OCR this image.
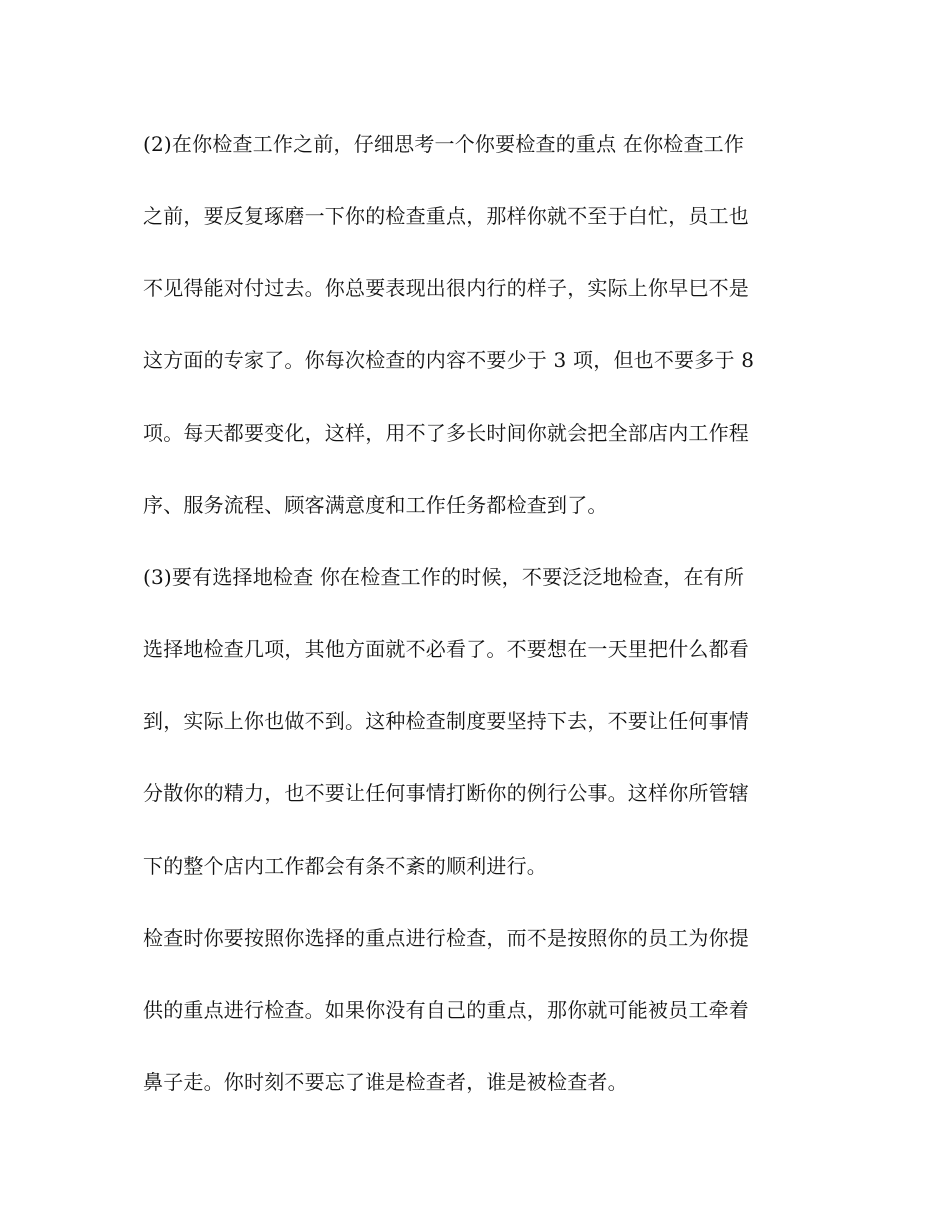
(2)在你检查工作之前，仔细思考一个你要检查的重点 在你检查工作
之前，要反复琢磨一下你的检查重点，那样你就不至于白忙，员工也
不见得能对付过去。你总要表现出很内行的样子，实际上你早巳不是
这方面的专家了。你每次检查的内容不要少于 3 项，但也不要多于 8
项。每天都要变化，这样，用不了多长时间你就会把全部店内工作程
序、服务流程、顾客满意度和工作任务都检查到了。
(3)要有选择地检查 你在检查工作的时候，不要泛泛地检查，在有所
选择地检查几项，其他方面就不必看了。不要想在一天里把什么都看
到，实际上你也做不到。这种检查制度要坚持下去，不要让任何事情
分散你的精力，也不要让任何事情打断你的例行公事。这样你所管辖
下的整个店内工作都会有条不紊的顺利进行。
检查时你要按照你选择的重点进行检查，而不是按照你的员工为你提
供的重点进行检查。如果你没有自己的重点，那你就可能被员工牵着
鼻子走。你时刻不要忘了谁是检查者，谁是被检查者。
